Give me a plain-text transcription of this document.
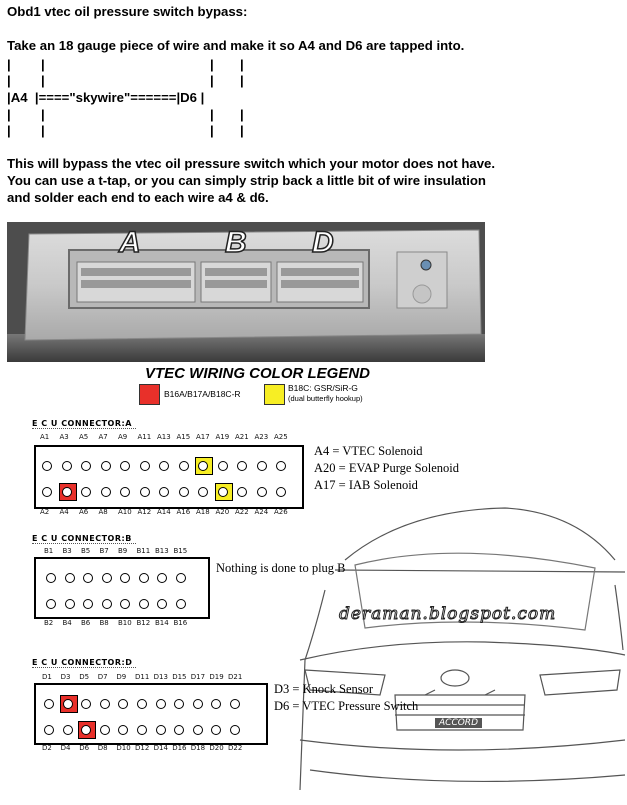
Obd1 vtec oil pressure switch bypass:
Take an 18 gauge piece of wire and make it so A4 and D6 are tapped into.
| |	| |
| |	| |
|A4  |===="skywire"======|D6 |
| |	| |
| |	| |
This will bypass the vtec oil pressure switch which your motor does not have.
You can use a t-tap, or you can simply strip back a little bit of wire insulation
and solder each end to each wire a4 & d6.
A	B D
ACCORD
deraman.blogspot.com
VTEC WIRING COLOR LEGEND
B16A/B17A/B18C-R
B18C: GSR/SiR-G
(dual butterfly hookup)
E C U CONNECTOR:A
A1 A3 A5 A7 A9 A11 A13 A15 A17 A19 A21 A23 A25
A2 A4 A6 A8 A10 A12 A14 A16 A18 A20 A22 A24 A26
A4 = VTEC Solenoid
A20 = EVAP Purge Solenoid
A17 = IAB Solenoid
E C U CONNECTOR:B
B1 B3 B5 B7 B9 B11 B13 B15
B2 B4 B6 B8 B10 B12 B14 B16
Nothing is done to plug B
E C U CONNECTOR:D
D1 D3 D5 D7 D9 D11 D13 D15 D17 D19 D21
D2 D4 D6 D8 D10 D12 D14 D16 D18 D20 D22
D3 = Knock Sensor
D6 = VTEC Pressure Switch
